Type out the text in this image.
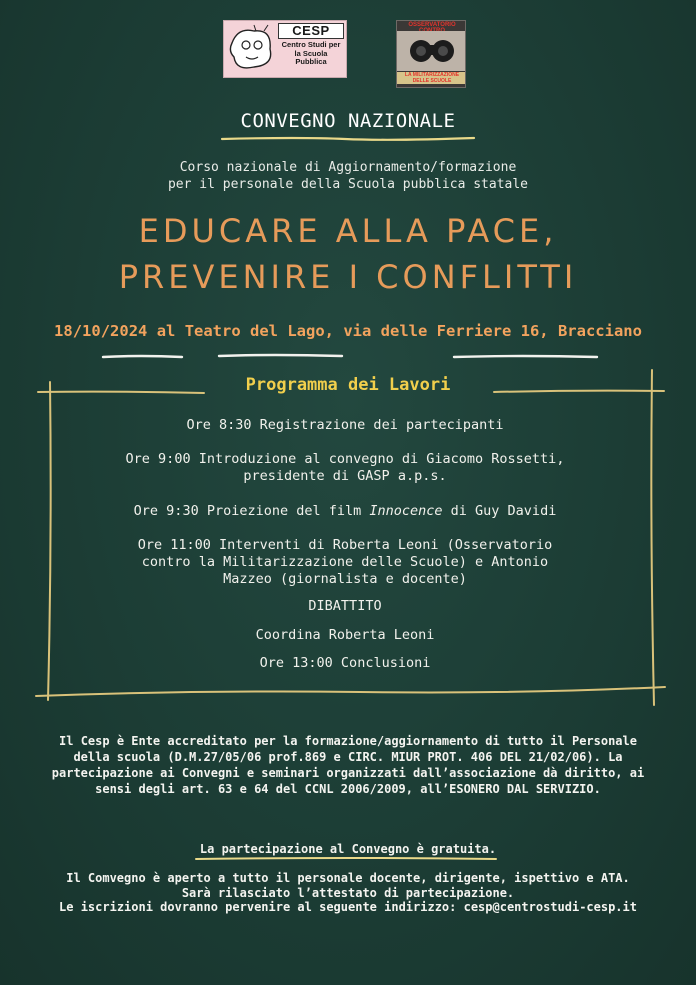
CESP
Centro Studi per la Scuola Pubblica
OSSERVATORIO
LA MILITARIZZAZIONE DELLE SCUOLE
CONVEGNO NAZIONALE
Corso nazionale di Aggiornamento/formazione
per il personale della Scuola pubblica statale
EDUCARE ALLA PACE,
PREVENIRE I CONFLITTI
18/10/2024 al Teatro del Lago, via delle Ferriere 16, Bracciano
Programma dei Lavori
Ore 8:30 Registrazione dei partecipanti
Ore 9:00 Introduzione al convegno di Giacomo Rossetti,
presidente di GASP a.p.s.
Ore 9:30 Proiezione del film Innocence di Guy Davidi
Ore 11:00 Interventi di Roberta Leoni (Osservatorio
contro la Militarizzazione delle Scuole) e Antonio
Mazzeo (giornalista e docente)
DIBATTITO
Coordina Roberta Leoni
Ore 13:00 Conclusioni
Il Cesp è Ente accreditato per la formazione/aggiornamento di tutto il Personale
della scuola (D.M.27/05/06 prof.869 e CIRC. MIUR PROT. 406 DEL 21/02/06). La
partecipazione ai Convegni e seminari organizzati dall’associazione dà diritto, ai
sensi degli art. 63 e 64 del CCNL 2006/2009, all’ESONERO DAL SERVIZIO.
La partecipazione al Convegno è gratuita.
Il Comvegno è aperto a tutto il personale docente, dirigente, ispettivo e ATA.
Sarà rilasciato l’attestato di partecipazione.
Le iscrizioni dovranno pervenire al seguente indirizzo: cesp@centrostudi-cesp.it
